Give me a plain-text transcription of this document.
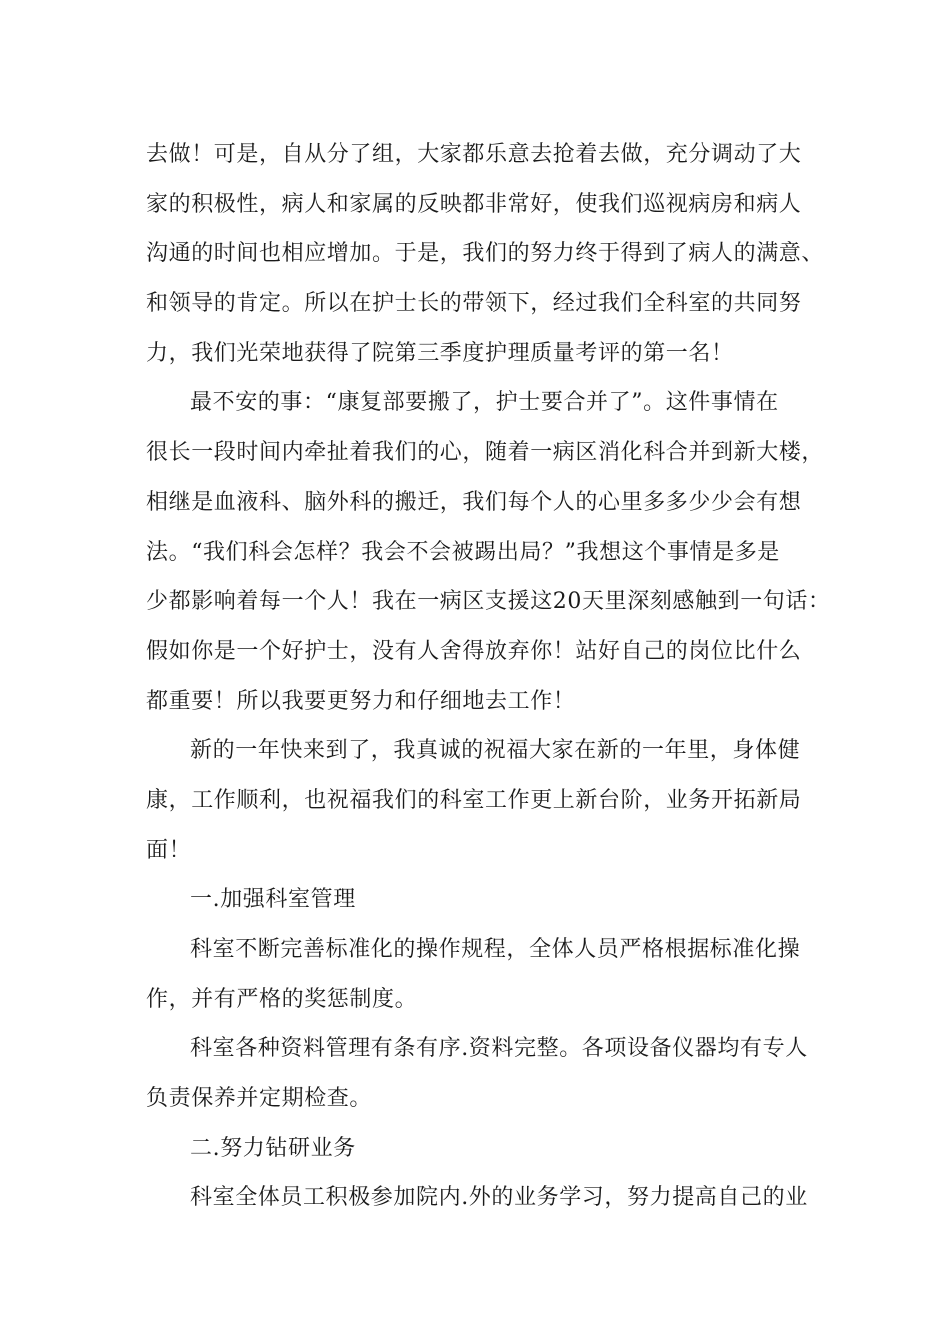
去做！可是，自从分了组，大家都乐意去抢着去做，充分调动了大
家的积极性，病人和家属的反映都非常好，使我们巡视病房和病人
沟通的时间也相应增加。于是，我们的努力终于得到了病人的满意、
和领导的肯定。所以在护士长的带领下，经过我们全科室的共同努
力，我们光荣地获得了院第三季度护理质量考评的第一名！
最不安的事：“康复部要搬了，护士要合并了”。这件事情在
很长一段时间内牵扯着我们的心，随着一病区消化科合并到新大楼，
相继是血液科、脑外科的搬迁，我们每个人的心里多多少少会有想
法。“我们科会怎样？我会不会被踢出局？”我想这个事情是多是
少都影响着每一个人！我在一病区支援这20天里深刻感触到一句话：
假如你是一个好护士，没有人舍得放弃你！站好自己的岗位比什么
都重要！所以我要更努力和仔细地去工作！
新的一年快来到了，我真诚的祝福大家在新的一年里，身体健
康，工作顺利，也祝福我们的科室工作更上新台阶，业务开拓新局
面！
一.加强科室管理
科室不断完善标准化的操作规程，全体人员严格根据标准化操
作，并有严格的奖惩制度。
科室各种资料管理有条有序.资料完整。各项设备仪器均有专人
负责保养并定期检查。
二.努力钻研业务
科室全体员工积极参加院内.外的业务学习，努力提高自己的业
